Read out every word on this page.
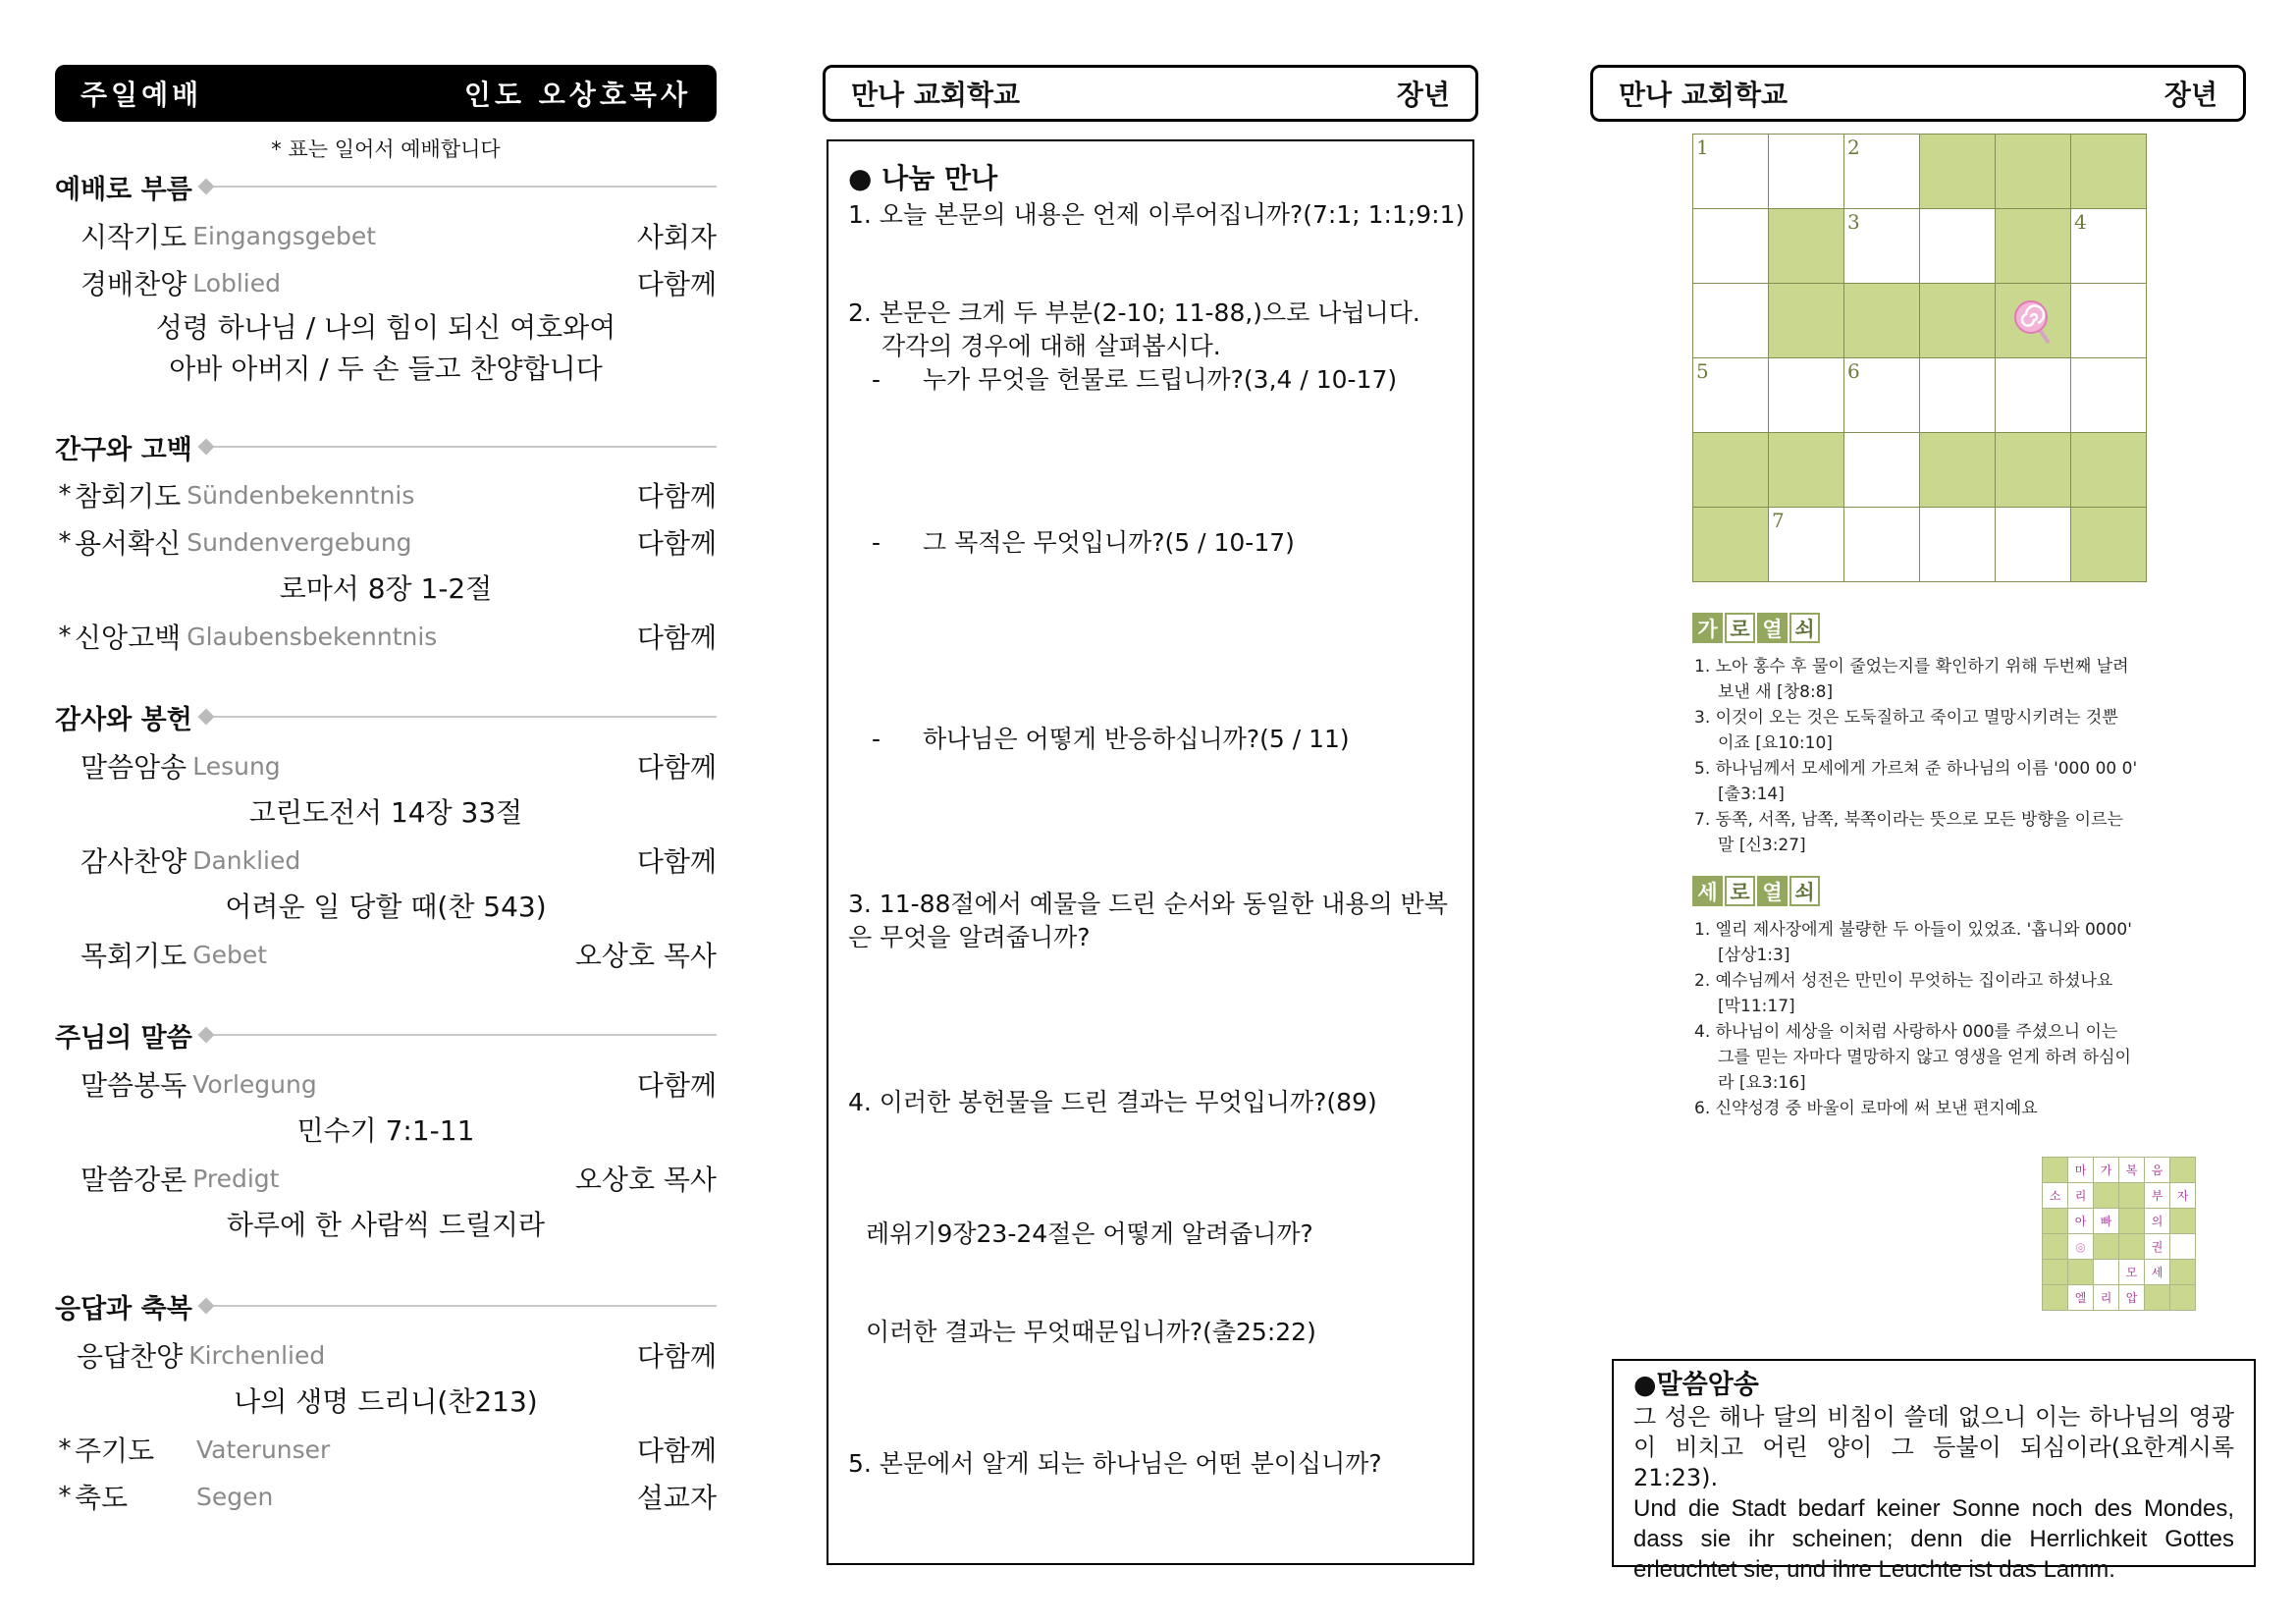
주일예배	인도 오상호목사
* 표는 일어서 예배합니다
예배로 부름
시작기도 Eingangsgebet	사회자
경배찬양 Loblied	다함께
성령 하나님 / 나의 힘이 되신 여호와여
아바 아버지 / 두 손 들고 찬양합니다
간구와 고백
* 참회기도 Sündenbekenntnis	다함께
* 용서확신 Sundenvergebung	다함께
로마서 8장 1-2절
* 신앙고백 Glaubensbekenntnis	다함께
감사와 봉헌
말씀암송 Lesung	다함께
고린도전서 14장 33절
감사찬양 Danklied	다함께
어려운 일 당할 때(찬 543)
목회기도 Gebet	오상호 목사
주님의 말씀
말씀봉독 Vorlegung	다함께
민수기 7:1-11
말씀강론 Predigt	오상호 목사
하루에 한 사람씩 드릴지라
응답과 축복
응답찬양 Kirchenlied	다함께
나의 생명 드리니(찬213)
* 주기도	Vaterunser	다함께
* 축도	Segen	설교자
만나 교회학교	장년
● 나눔 만나
1. 오늘 본문의 내용은 언제 이루어집니까?(7:1; 1:1;9:1)
2. 본문은 크게 두 부분(2-10; 11-88,)으로 나뉩니다.
각각의 경우에 대해 살펴봅시다.
- 누가 무엇을 헌물로 드립니까?(3,4 / 10-17)
- 그 목적은 무엇입니까?(5 / 10-17)
- 하나님은 어떻게 반응하십니까?(5 / 11)
3. 11-88절에서 예물을 드린 순서와 동일한 내용의 반복
은 무엇을 알려줍니까?
4. 이러한 봉헌물을 드린 결과는 무엇입니까?(89)
레위기9장23-24절은 어떻게 알려줍니까?
이러한 결과는 무엇때문입니까?(출25:22)
5. 본문에서 알게 되는 하나님은 어떤 분이십니까?
만나 교회학교	장년
1		2			

		3			4

5		6			

	7				

가 로 열 쇠
1. 노아 홍수 후 물이 줄었는지를 확인하기 위해 두번째 날려
보낸 새 [창8:8]
3. 이것이 오는 것은 도둑질하고 죽이고 멸망시키려는 것뿐
이죠 [요10:10]
5. 하나님께서 모세에게 가르쳐 준 하나님의 이름 '000 00 0'
[출3:14]
7. 동쪽, 서쪽, 남쪽, 북쪽이라는 뜻으로 모든 방향을 이르는
말 [신3:27]
세 로 열 쇠
1. 엘리 제사장에게 불량한 두 아들이 있었죠. '홉니와 0000'
[삼상1:3]
2. 예수님께서 성전은 만민이 무엇하는 집이라고 하셨나요
[막11:17]
4. 하나님이 세상을 이처럼 사랑하사 000를 주셨으니 이는
그를 믿는 자마다 멸망하지 않고 영생을 얻게 하려 하심이
라 [요3:16]
6. 신약성경 중 바울이 로마에 써 보낸 편지예요
	마	가	복	음	
소	리			부	자
	아	빠		의	
	◎			권	
			모	세	
	엘	리	압		
●말씀암송
그 성은 해나 달의 비침이 쓸데 없으니 이는 하나님의 영광이 비치고 어린 양이 그 등불이 되심이라(요한계시록21:23).
Und die Stadt bedarf keiner Sonne noch des Mondes, dass sie ihr scheinen; denn die Herrlichkeit Gottes erleuchtet sie, und ihre Leuchte ist das Lamm.
